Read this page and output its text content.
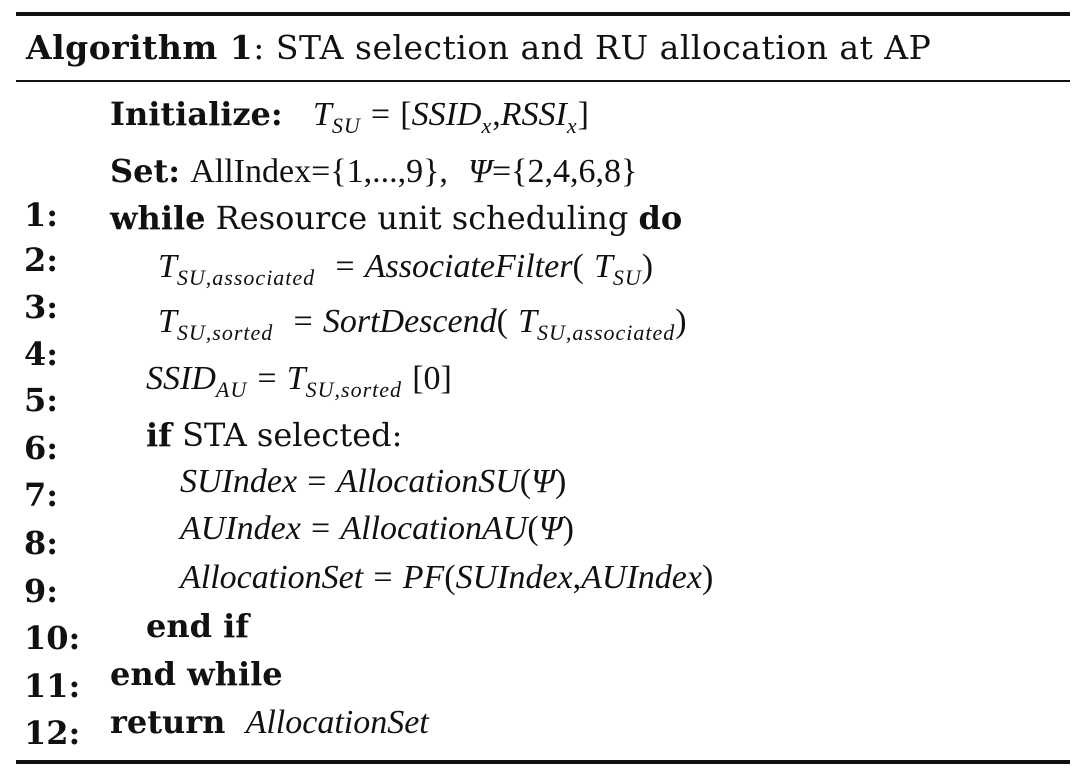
Algorithm 1: STA selection and RU allocation at AP
Initialize: $T_{SU}$ = $[SSID_x,RSSI_x]$
Set: AllIndex={1,...,9}, Ψ={2,4,6,8}
1:
2:
3:
4:
5:
6:
7:
8:
9:
10:
11:
12:
while Resource unit scheduling do
$T_{SU,associated}$ = AssociateFilter( $T_{SU}$)
$T_{SU,sorted}$ = SortDescend( $T_{SU,associated}$)
$SSID_{AU} = T_{SU,sorted}$ [0]
if STA selected:
SUIndex = AllocationSU(Ψ)
AUIndex = AllocationAU(Ψ)
AllocationSet = PF(SUIndex,AUIndex)
end if
end while
return AllocationSet
